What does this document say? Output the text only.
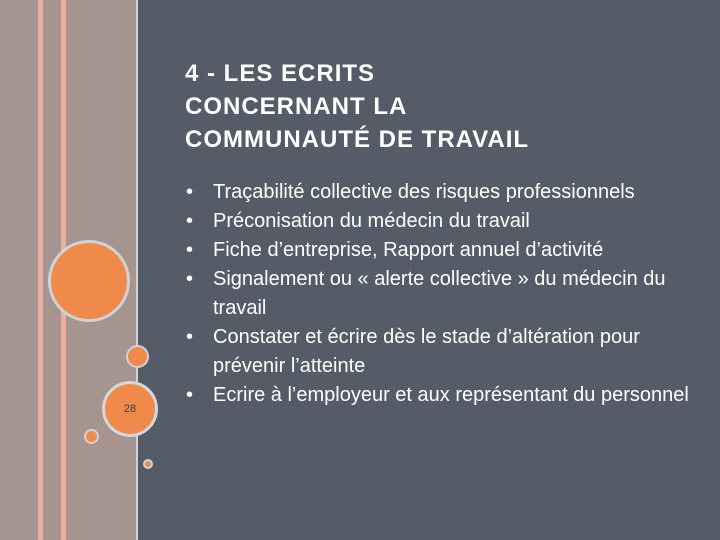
28
4 - LES ECRITS
CONCERNANT LA
COMMUNAUTÉ DE TRAVAIL
• Traçabilité collective des risques professionnels
• Préconisation du médecin du travail
• Fiche d’entreprise, Rapport annuel d’activité
• Signalement ou « alerte collective » du médecin du travail
• Constater et écrire dès le stade d’altération pour prévenir l’atteinte
• Ecrire à l’employeur et aux représentant du personnel
